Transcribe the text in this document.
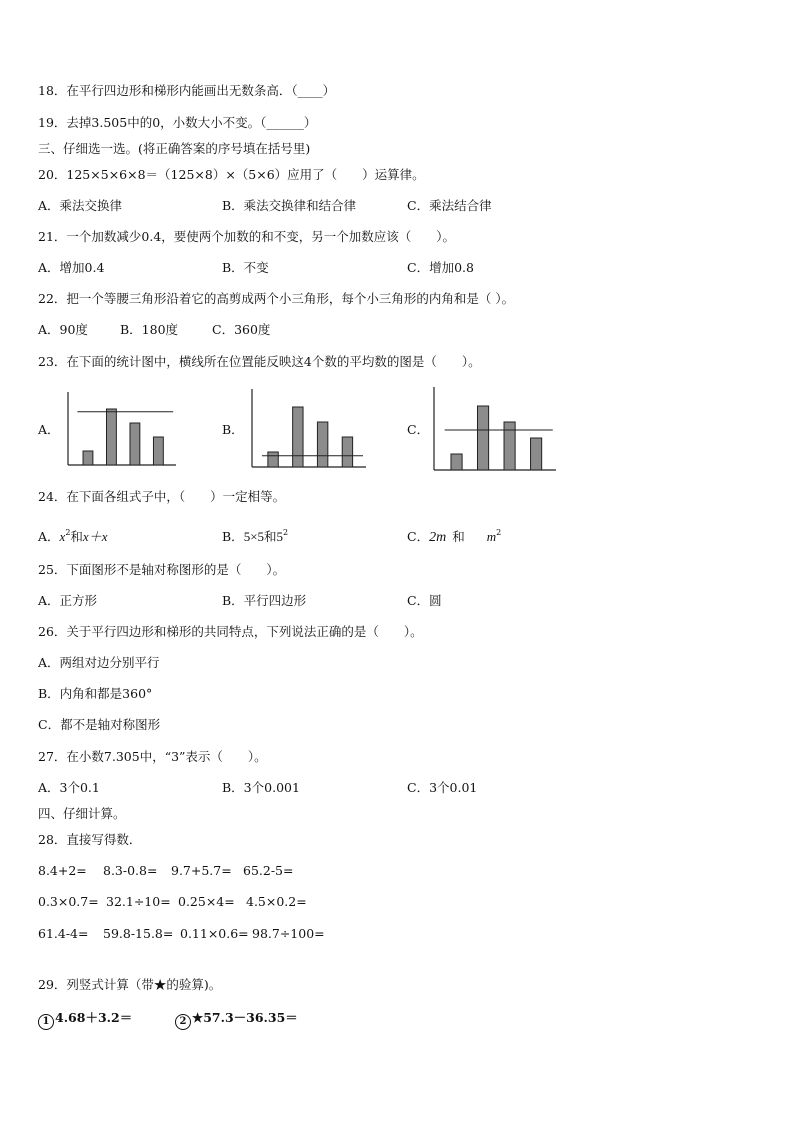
18．在平行四边形和梯形内能画出无数条高．（____）
19．去掉3.505中的0，小数大小不变。（______）
三、仔细选一选。(将正确答案的序号填在括号里)
20．125×5×6×8＝（125×8）×（5×6）应用了（　　）运算律。
A．乘法交换律	B．乘法交换律和结合律	C．乘法结合律
21．一个加数减少0.4，要使两个加数的和不变，另一个加数应该（　　）。
A．增加0.4	B．不变	C．增加0.8
22．把一个等腰三角形沿着它的高剪成两个小三角形，每个小三角形的内角和是（ ）。
A．90度	B．180度	C．360度
23．在下面的统计图中，横线所在位置能反映这4个数的平均数的图是（　　）。
A．	B．	C．
24．在下面各组式子中，（　　）一定相等。
A．$x^2$和x＋x	B．5×5和$5^2$	C．2m 和 $m^2$
25．下面图形不是轴对称图形的是（　　）。
A．正方形	B．平行四边形	C．圆
26．关于平行四边形和梯形的共同特点，下列说法正确的是（　　）。
A．两组对边分别平行
B．内角和都是360°
C．都不是轴对称图形
27．在小数7.305中，“3”表示（　　）。
A．3个0.1	B．3个0.001	C．3个0.01
四、仔细计算。
28．直接写得数．
8.4+2= 8.3-0.8= 9.7+5.7= 65.2-5=
0.3×0.7= 32.1÷10= 0.25×4= 4.5×0.2=
61.4-4= 59.8-15.8= 0.11×0.6= 98.7÷100=
29．列竖式计算（带★的验算)。
1 4.68＋3.2＝	2 ★57.3－36.35＝
